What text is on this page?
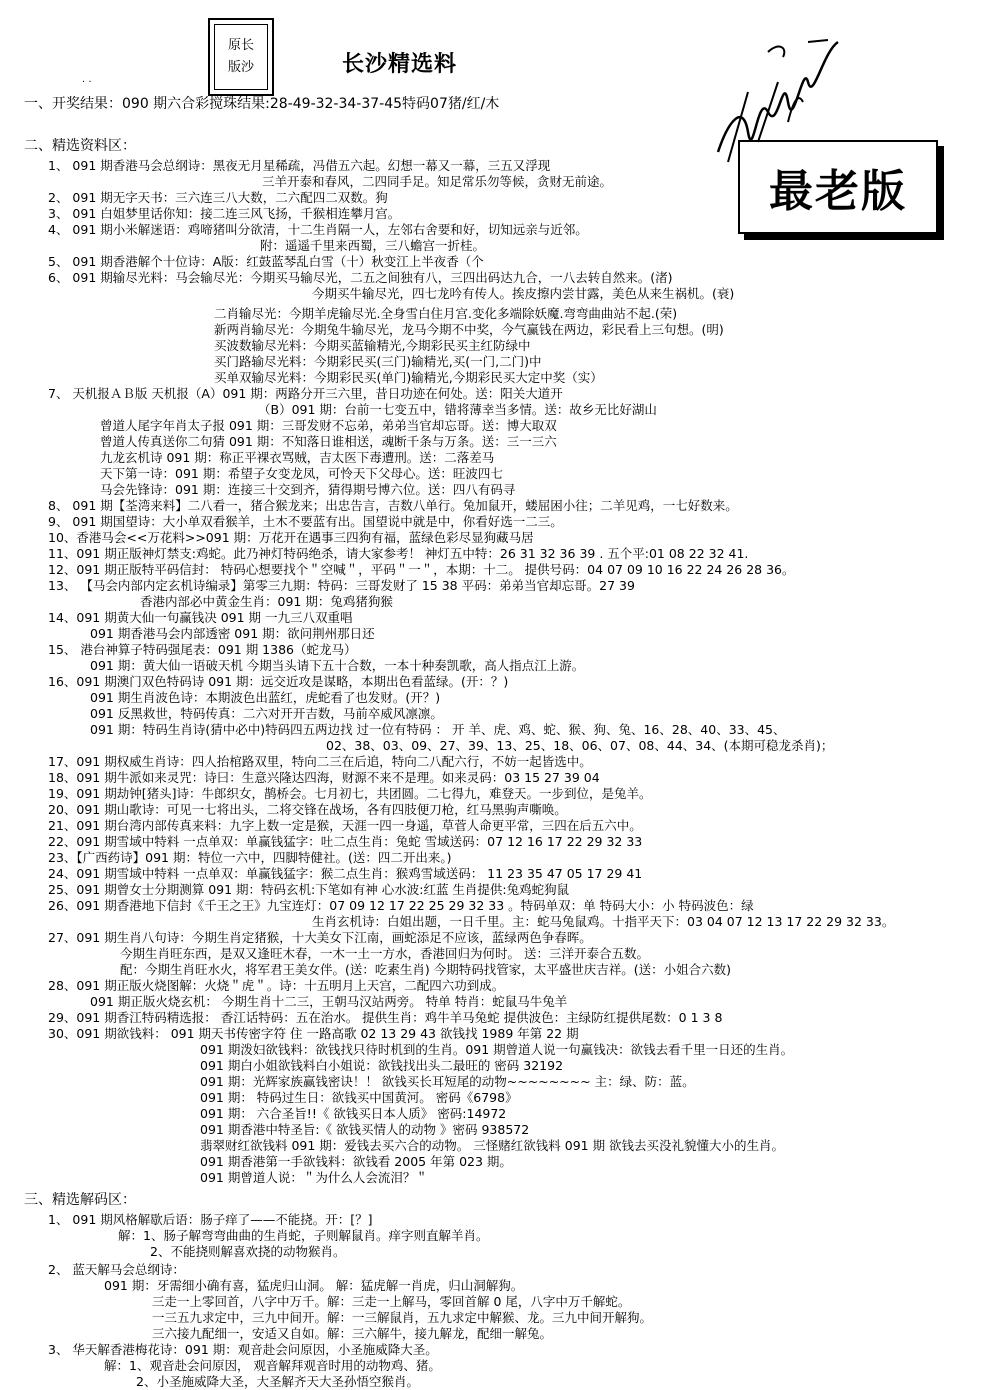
原长
版沙	长沙精选料
. .
最老版
一、开奖结果：090 期六合彩搅珠结果:28-49-32-34-37-45特码07猪/红/木
二、精选资料区：
1、 091 期香港马会总纲诗：黑夜无月星稀疏，冯借五六起。幻想一幕又一幕，三五又浮现
三羊开泰和春风，二四同手足。知足常乐勿等候，贪财无前途。
2、 091 期无字天书：三六连三八大数，二六配四二双数。狗
3、 091 白姐梦里话你知：接二连三风飞扬，千猴相连攀月宫。
4、 091 期小米解迷语：鸡啼猪叫分欲清，十二生肖隔一人，左邻右舍要和好，切知远亲与近邻。
附：遥遥千里来西蜀，三八蟾宫一折桂。
5、 091 期香港解个十位诗：A版：红鼓蓝琴乱白雪（十）秋变江上半夜香（个
6、 091 期输尽光料：马会输尽光：今期买马输尽光，二五之间独有八，三四出码达九合，一八去转自然来。(渚)
今期买牛输尽光，四七龙吟有传人。挨皮擦内尝甘露，美色从来生祸机。(衰)
二肖输尽光：今期羊虎输尽光.全身雪白住月宫.变化多端除妖魔.弯弯曲曲站不起.(荣)
新两肖输尽光：今期兔牛输尽光，龙马今期不中奖，今气赢钱在两边，彩民看上三句想。(明)
买波数输尽光料：今期买蓝输精光,今期彩民买主红防绿中
买门路输尽光料：今期彩民买(三门)输精光,买(一门,二门)中
买单双输尽光料：今期彩民买(单门)输精光,今期彩民买大定中奖（实）
7、 天机报ＡＢ版 天机报（A）091 期：两路分开三六里，昔日功迹在何处。送：阳关大道开
（B）091 期：台前一七变五中，错将薄幸当多情。送：故乡无比好湖山
曾道人尾字年肖太子报 091 期：三哥发财不忘弟，弟弟当官却忘哥。送：博大取双
曾道人传真送你二句猜 091 期：不知落日谁相送，魂断千条与万条。送：三一三六
九龙玄机诗 091 期：称正平裸衣骂贼，吉太医下毒遭刑。送：二落差马
天下第一诗：091 期：希望子女变龙凤，可怜天下父母心。送：旺波四七
马会先锋诗：091 期：连接三十交到齐，猜得期号博六位。送：四八有码寻
8、 091 期【荃湾来料】二八看一，猪合猴龙来；出忠告言，吉数八单行。兔加鼠开，蝼屈困小往；二羊见鸡，一七好数来。
9、 091 期国望诗：大小单双看猴羊，土木不要蓝有出。国望说中就是中，你看好选一二三。
10、香港马会<<万花料>>091 期：万花开在遇事三四狗有福，蓝绿色彩尽显狗藏马居
11、091 期正版神灯禁支:鸡蛇。此乃神灯特码绝杀，请大家参考！ 神灯五中特：26 31 32 36 39 . 五个平:01 08 22 32 41.
12、091 期正版特平码信封： 特码心想要找个＂空喊＂，平码＂一＂，本期：十二。 提供号码：04 07 09 10 16 22 24 26 28 36。
13、 【马会内部内定玄机诗编录】第零三九期：特码：三哥发财了 15 38 平码：弟弟当官却忘哥。27 39
香港内部必中黄金生肖：091 期：兔鸡猪狗猴
14、091 期黄大仙一句赢钱决 091 期 一九三八双重唱
091 期香港马会内部透密 091 期：欲问荆州那日还
15、 港台神算子特码强尾表：091 期 1386（蛇龙马）
091 期：黄大仙一语破天机 今期当头请下五十合数，一本十种奏凯歌，高人指点江上游。
16、091 期澳门双色特码诗 091 期：远交近攻是谋略，本期出色看蓝绿。(开：？)
091 期生肖波色诗：本期波色出蓝红，虎蛇看了也发财。(开？)
091 反黑救世，特码传真：二六对开开吉数，马前卒威风凛凛。
091 期：特码生肖诗(猜中必中)特码四五两边找 过一位有特码 ： 开 羊、虎、鸡、蛇、猴、狗、兔、16、28、40、33、45、
02、38、03、09、27、39、13、25、18、06、07、08、44、34、(本期可稳龙杀肖)；
17、091 期权威生肖诗：四人抬棺路双里，特向二三在后追，特向二八配六行，不妨一起皆选中。
18、091 期牛派如来灵咒：诗曰：生意兴隆达四海，财源不来不是理。如来灵码：03 15 27 39 04
19、091 期劫钟[猪头]诗：牛郎织女，鹊桥会。七月初七，共团圆。二七得九，难登天。一步到位，是兔羊。
20、091 期山歌诗：可见一七将出头，二将交锋在战场，各有四肢便刀枪，红马黑驹声嘶唤。
21、091 期台湾内部传真来料：九字上数一定是猴，天涯一四一身遥，草菅人命更平常，三四在后五六中。
22、091 期雪域中特料 一点单双：单赢钱猛字：吐二点生肖：兔蛇 雪域送码：07 12 16 17 22 29 32 33
23、【广西药诗】091 期：特位一六中，四脚特健社。(送：四二开出来。)
24、091 期雪域中特料 一点单双：单赢钱猛字：猴二点生肖：猴鸡雪域送码： 11 23 35 47 05 17 29 41
25、091 期曾女士分期测算 091 期：特码玄机:下笔如有神 心水波:红蓝 生肖提供:兔鸡蛇狗鼠
26、091 期香港地下信封《千王之王》九宝连灯：07 09 12 17 22 25 29 32 33 。特码单双：单 特码大小：小 特码波色：绿
生肖玄机诗：白姐出题，一日千里。主：蛇马兔鼠鸡。十指平天下：03 04 07 12 13 17 22 29 32 33。
27、091 期生肖八句诗：今期生肖定猪猴，十大美女下江南，画蛇添足不应该，蓝绿两色争春晖。
今期生肖旺东西，是双又逢旺木春，一木一土一方水，香港回归为何时。 送：三洋开泰合五数。
配：今期生肖旺水火，将军君王美女伴。(送：吃素生肖) 今期特码找管家，太平盛世庆吉祥。(送：小姐合六数)
28、091 期正版火烧图解：火烧＂虎＂。诗：十五明月上天宫，二配四六功到成。
091 期正版火烧玄机： 今期生肖十二三，王朝马汉站两旁。 特单 特肖：蛇鼠马牛兔羊
29、091 期香江特码精选报： 香江话特码：五在治水。 提供生肖：鸡牛羊马兔蛇 提供波色：主绿防红提供尾数：0 1 3 8
30、091 期欲钱料： 091 期天书传密字符 住 一路高歌 02 13 29 43 欲钱找 1989 年第 22 期
091 期泼妇欲钱料：欲钱找只待时机到的生肖。091 期曾道人说一句赢钱决：欲钱去看千里一日还的生肖。
091 期白小姐欲钱料白小姐说：欲钱找出头二最旺的 密码 32192
091 期：光辉家族赢钱密诀！！ 欲钱买长耳短尾的动物~~~~~~~~ 主：绿、防：蓝。
091 期： 特码过生日：欲钱买中国黄河。 密码《6798》
091 期： 六合圣旨!!《 欲钱买日本人质》 密码:14972
091 期香港中特圣旨:《 欲钱买情人的动物 》密码 938572
翡翠财红欲钱料 091 期：爱钱去买六合的动物。 三怪赌红欲钱料 091 期 欲钱去买没礼貌懂大小的生肖。
091 期香港第一手欲钱料：欲钱看 2005 年第 023 期。
091 期曾道人说：＂为什么人会流泪？＂
三、精选解码区：
1、 091 期风格解歇后语：肠子痒了——不能挠。开：[？]
解：1、肠子解弯弯曲曲的生肖蛇，子则解鼠肖。痒字则直解羊肖。
2、不能挠则解喜欢挠的动物猴肖。
2、 蓝天解马会总纲诗：
091 期：牙需细小确有喜，猛虎归山洞。 解：猛虎解一肖虎，归山洞解狗。
三走一上零回首，八字中万千。解：三走一上解马，零回首解 0 尾，八字中万千解蛇。
一三五九求定中，三九中间开。解：一三解鼠肖，五九求定中解猴、龙。三九中间开解狗。
三六接九配细一，安适又自如。解：三六解牛，接九解龙，配细一解兔。
3、 华天解香港梅花诗：091 期：观音赴会问原因，小圣施威降大圣。
解：1、观音赴会问原因， 观音解拜观音时用的动物鸡、猪。
2、小圣施威降大圣，大圣解齐天大圣孙悟空猴肖。
